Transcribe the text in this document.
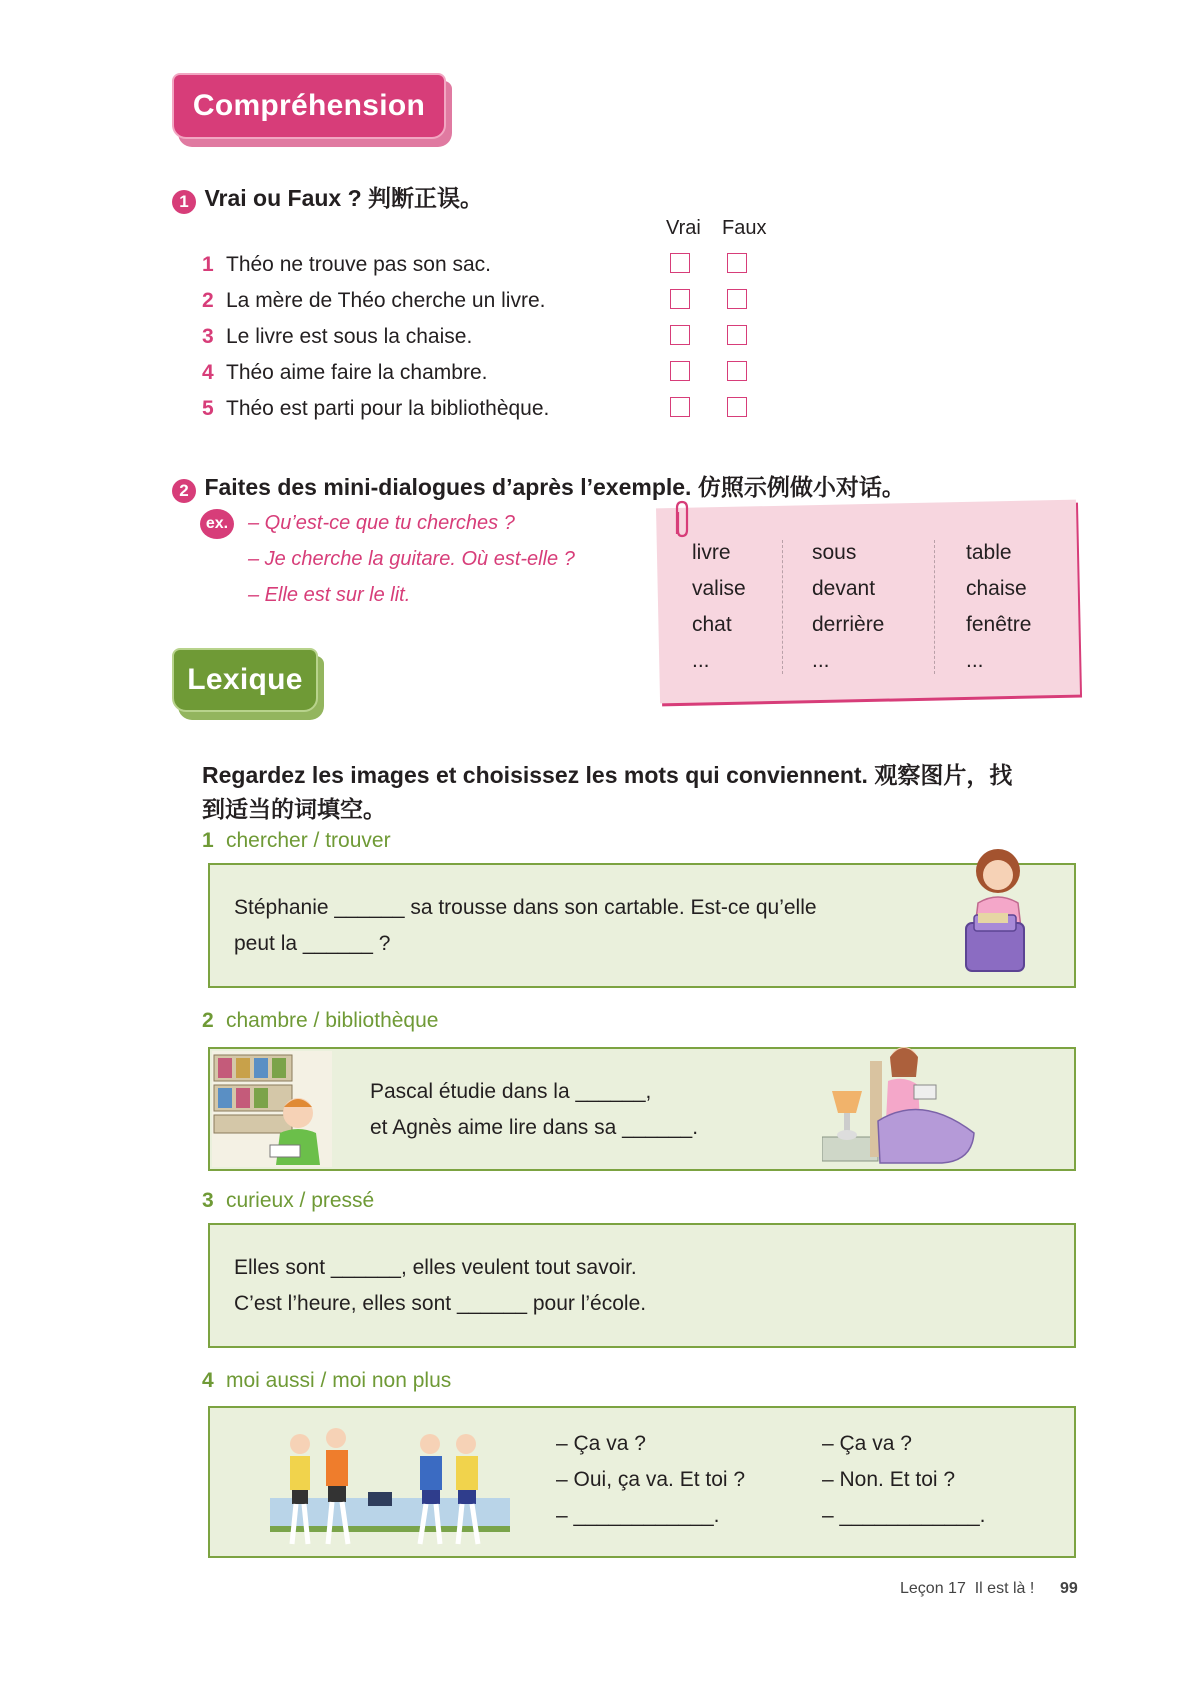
Compréhension
1 Vrai ou Faux ? 判断正误。
Vrai Faux
1 Théo ne trouve pas son sac.
2 La mère de Théo cherche un livre.
3 Le livre est sous la chaise.
4 Théo aime faire la chambre.
5 Théo est parti pour la bibliothèque.
2 Faites des mini-dialogues d’après l’exemple. 仿照示例做小对话。
ex. – Qu’est-ce que tu cherches ?
– Je cherche la guitare. Où est-elle ?
– Elle est sur le lit.
livre
valise
chat
...
sous
devant
derrière
...
table
chaise
fenêtre
...
Lexique
Regardez les images et choisissez les mots qui conviennent. 观察图片，找
到适当的词填空。
1 chercher / trouver
Stéphanie ______ sa trousse dans son cartable. Est-ce qu’elle
peut la ______ ?
2 chambre / bibliothèque
Pascal étudie dans la ______,
et Agnès aime lire dans sa ______.
3 curieux / pressé
Elles sont ______, elles veulent tout savoir.
C’est l’heure, elles sont ______ pour l’école.
4 moi aussi / moi non plus
– Ça va ?
– Oui, ça va. Et toi ?
– ____________.
– Ça va ?
– Non. Et toi ?
– ____________.
Leçon 17  Il est là ! 99
